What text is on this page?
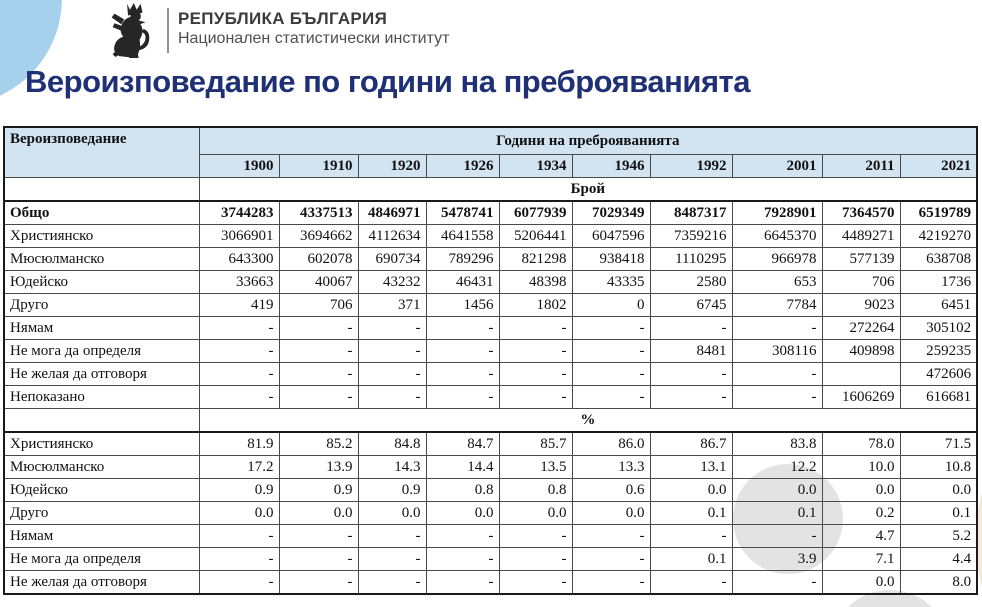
РЕПУБЛИКА БЪЛГАРИЯ
Национален статистически институт
Вероизповедание по години на преброяванията
Вероизповедание	Години на преброяванията									
	1900	1910	1920	1926	1934	1946	1992	2001	2011	2021
	Брой									
Общо	3744283	4337513	4846971	5478741	6077939	7029349	8487317	7928901	7364570	6519789
Християнско	3066901	3694662	4112634	4641558	5206441	6047596	7359216	6645370	4489271	4219270
Мюсюлманско	643300	602078	690734	789296	821298	938418	1110295	966978	577139	638708
Юдейско	33663	40067	43232	46431	48398	43335	2580	653	706	1736
Друго	419	706	371	1456	1802	0	6745	7784	9023	6451
Нямам	-	-	-	-	-	-	-	-	272264	305102
Не мога да определя	-	-	-	-	-	-	8481	308116	409898	259235
Не желая да отговоря	-	-	-	-	-	-	-	-		472606
Непоказано	-	-	-	-	-	-	-	-	1606269	616681
	%									
Християнско	81.9	85.2	84.8	84.7	85.7	86.0	86.7	83.8	78.0	71.5
Мюсюлманско	17.2	13.9	14.3	14.4	13.5	13.3	13.1	12.2	10.0	10.8
Юдейско	0.9	0.9	0.9	0.8	0.8	0.6	0.0	0.0	0.0	0.0
Друго	0.0	0.0	0.0	0.0	0.0	0.0	0.1	0.1	0.2	0.1
Нямам	-	-	-	-	-	-	-	-	4.7	5.2
Не мога да определя	-	-	-	-	-	-	0.1	3.9	7.1	4.4
Не желая да отговоря	-	-	-	-	-	-	-	-	0.0	8.0
